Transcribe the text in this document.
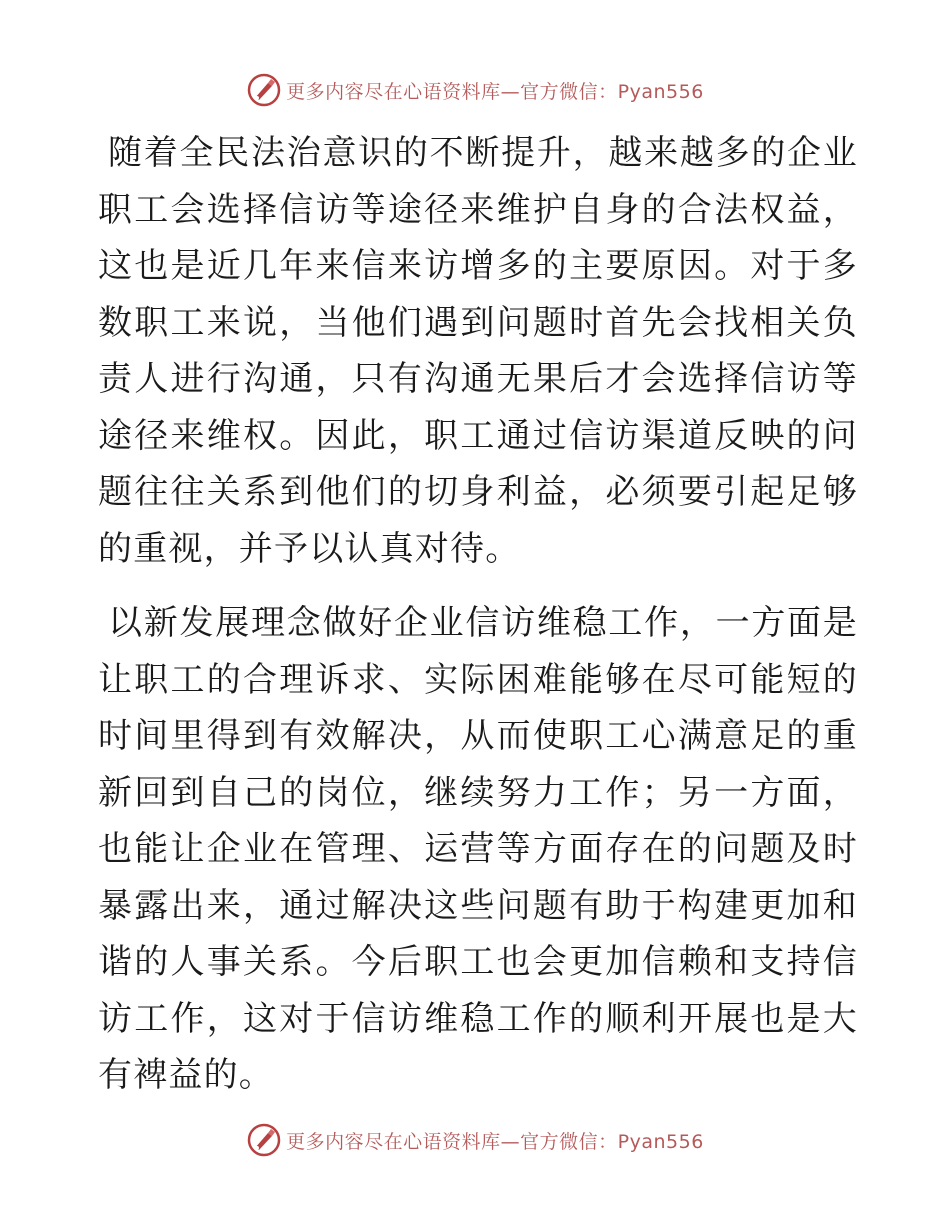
更多内容尽在心语资料库—官方微信：Pyan556

随着全民法治意识的不断提升，越来越多的企业职工会选择信访等途径来维护自身的合法权益，这也是近几年来信来访增多的主要原因。对于多数职工来说，当他们遇到问题时首先会找相关负责人进行沟通，只有沟通无果后才会选择信访等途径来维权。因此，职工通过信访渠道反映的问题往往关系到他们的切身利益，必须要引起足够的重视，并予以认真对待。

以新发展理念做好企业信访维稳工作，一方面是让职工的合理诉求、实际困难能够在尽可能短的时间里得到有效解决，从而使职工心满意足的重新回到自己的岗位，继续努力工作；另一方面，也能让企业在管理、运营等方面存在的问题及时暴露出来，通过解决这些问题有助于构建更加和谐的人事关系。今后职工也会更加信赖和支持信访工作，这对于信访维稳工作的顺利开展也是大有裨益的。

更多内容尽在心语资料库—官方微信：Pyan556
